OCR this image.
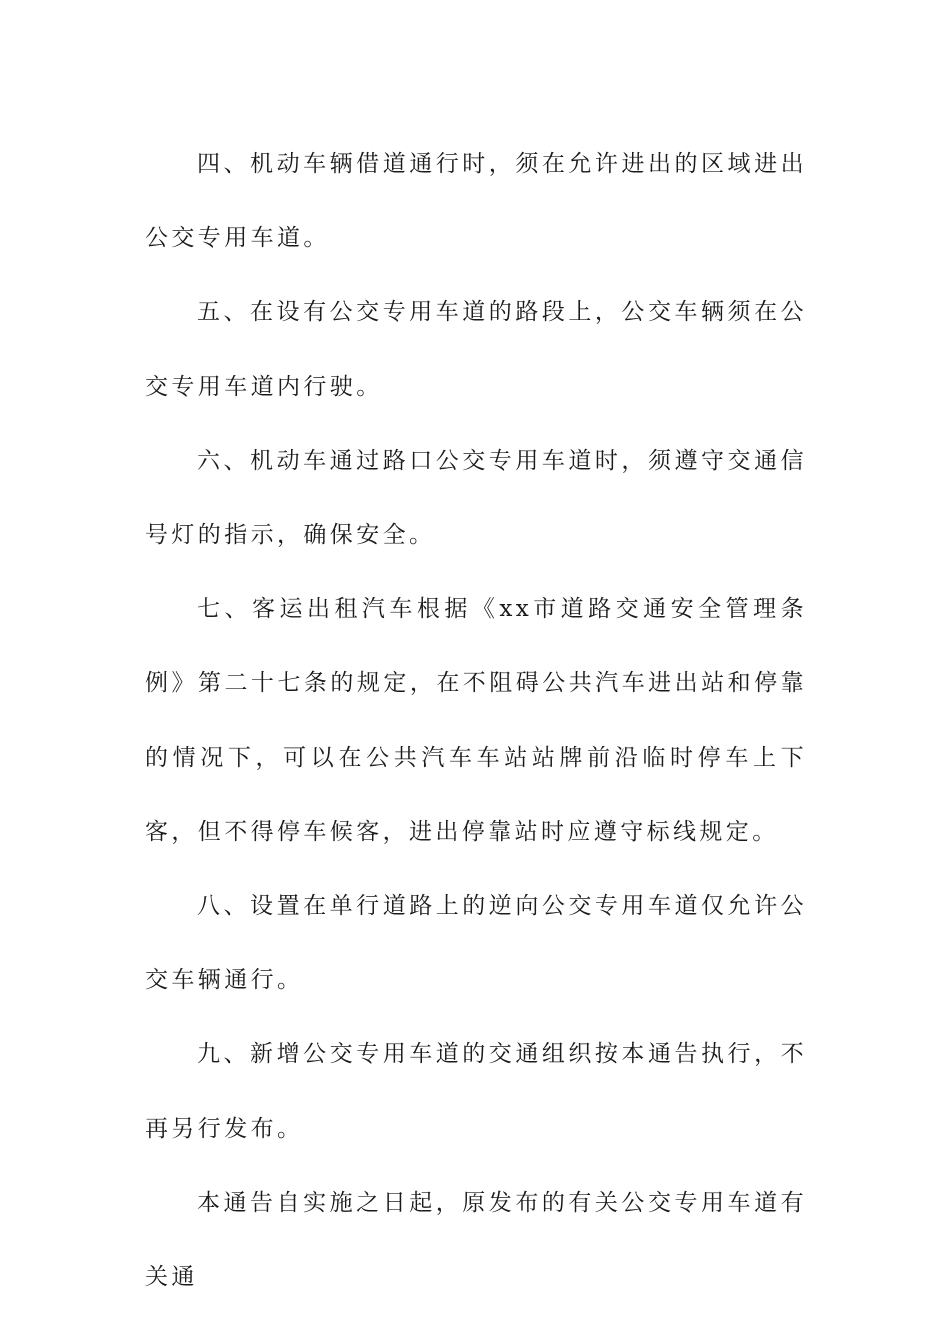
四、机动车辆借道通行时，须在允许进出的区域进出公交专用车道。

五、在设有公交专用车道的路段上，公交车辆须在公交专用车道内行驶。

六、机动车通过路口公交专用车道时，须遵守交通信号灯的指示，确保安全。

七、客运出租汽车根据《xx市道路交通安全管理条例》第二十七条的规定，在不阻碍公共汽车进出站和停靠的情况下，可以在公共汽车车站站牌前沿临时停车上下客，但不得停车候客，进出停靠站时应遵守标线规定。

八、设置在单行道路上的逆向公交专用车道仅允许公交车辆通行。

九、新增公交专用车道的交通组织按本通告执行，不再另行发布。

本通告自实施之日起，原发布的有关公交专用车道有关通
